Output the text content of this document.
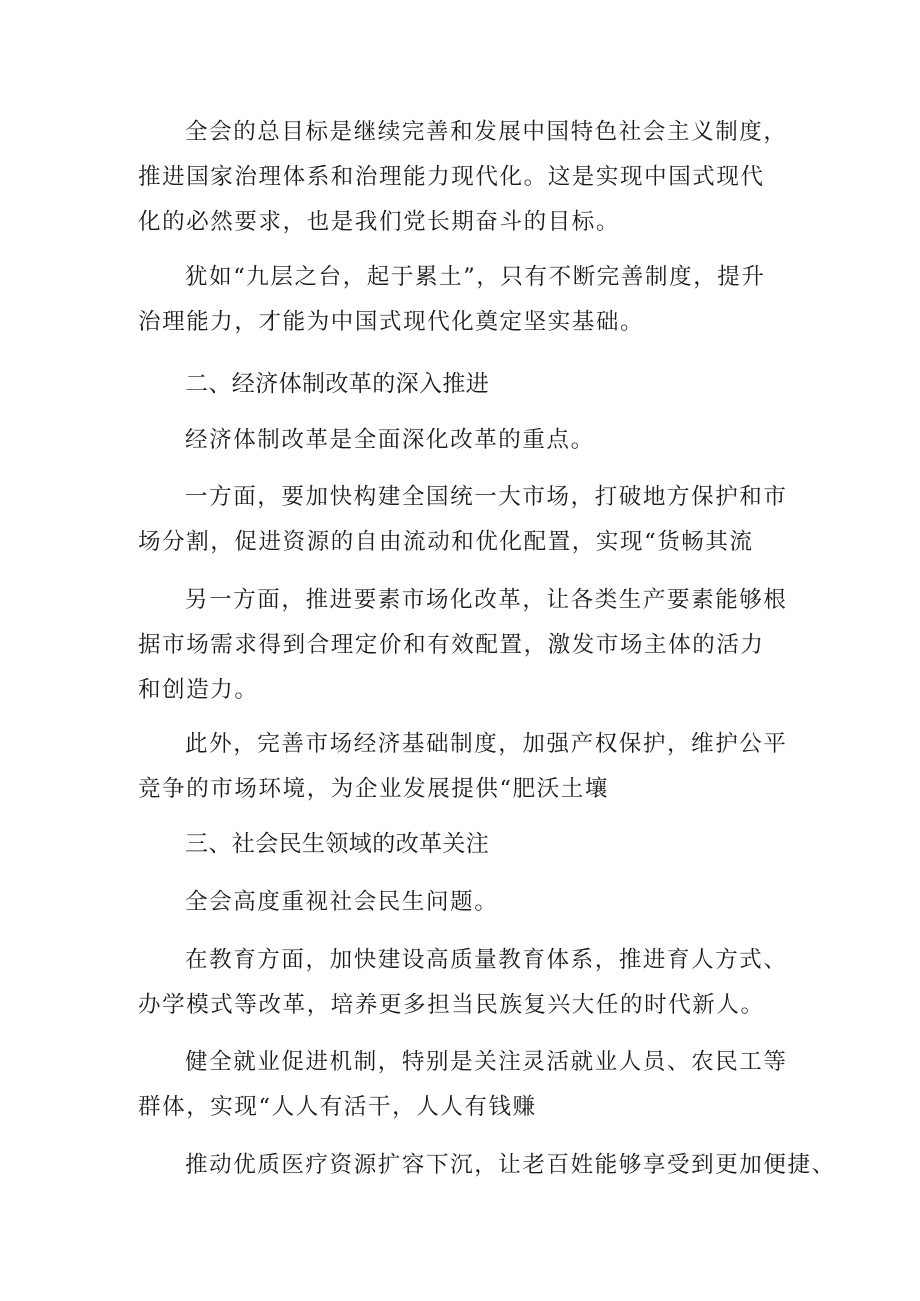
全会的总目标是继续完善和发展中国特色社会主义制度，推进国家治理体系和治理能力现代化。这是实现中国式现代化的必然要求，也是我们党长期奋斗的目标。

犹如“九层之台，起于累土”，只有不断完善制度，提升治理能力，才能为中国式现代化奠定坚实基础。

二、经济体制改革的深入推进

经济体制改革是全面深化改革的重点。

一方面，要加快构建全国统一大市场，打破地方保护和市场分割，促进资源的自由流动和优化配置，实现“货畅其流

另一方面，推进要素市场化改革，让各类生产要素能够根据市场需求得到合理定价和有效配置，激发市场主体的活力和创造力。

此外，完善市场经济基础制度，加强产权保护，维护公平竞争的市场环境，为企业发展提供“肥沃土壤

三、社会民生领域的改革关注

全会高度重视社会民生问题。

在教育方面，加快建设高质量教育体系，推进育人方式、办学模式等改革，培养更多担当民族复兴大任的时代新人。

健全就业促进机制，特别是关注灵活就业人员、农民工等群体，实现“人人有活干，人人有钱赚

推动优质医疗资源扩容下沉，让老百姓能够享受到更加便捷、
